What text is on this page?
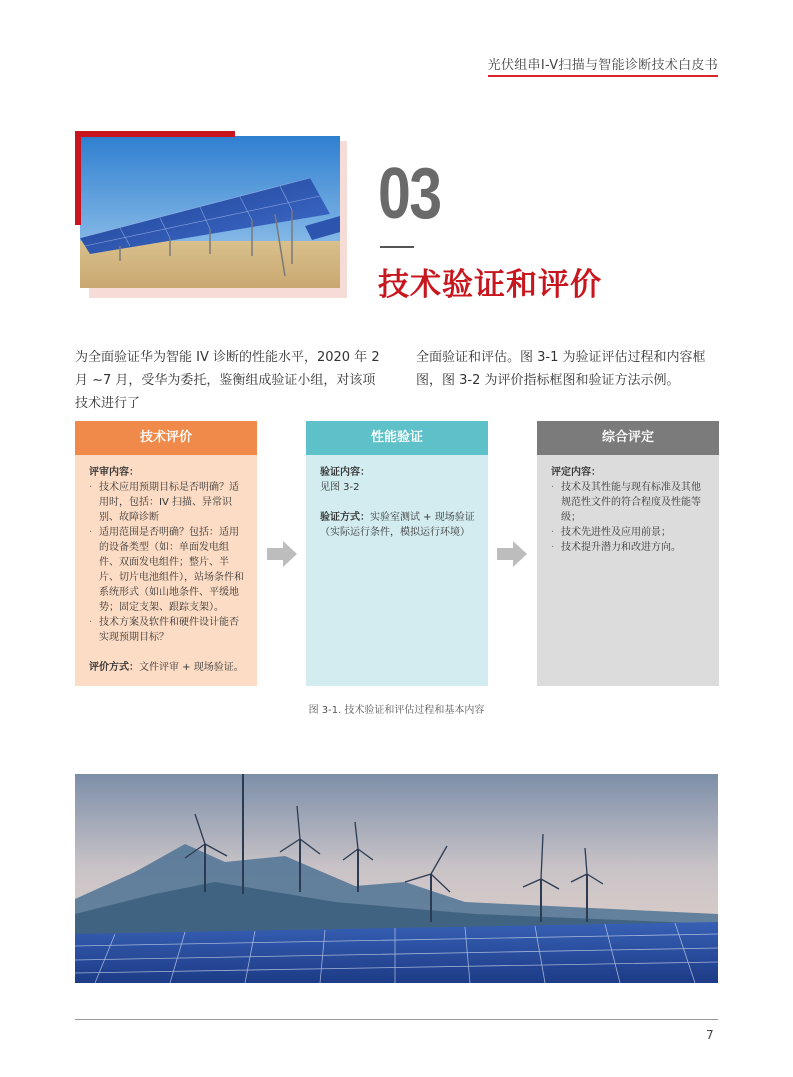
光伏组串I-V扫描与智能诊断技术白皮书
03
技术验证和评价
为全面验证华为智能 IV 诊断的性能水平，2020 年 2 月 ~7 月，受华为委托，鉴衡组成验证小组，对该项技术进行了
全面验证和评估。图 3-1 为验证评估过程和内容框图，图 3-2 为评价指标框图和验证方法示例。
技术评价
评审内容：
· 技术应用预期目标是否明确？适用时，包括：IV 扫描、异常识别、故障诊断
· 适用范围是否明确？包括：适用的设备类型（如：单面发电组件、双面发电组件；整片、半片、切片电池组件），站场条件和系统形式（如山地条件、平缓地势；固定支架、跟踪支架）。
· 技术方案及软件和硬件设计能否实现预期目标？
评价方式：文件评审 + 现场验证。
性能验证
验证内容：
见图 3-2
验证方式：实验室测试 + 现场验证（实际运行条件，模拟运行环境）
综合评定
评定内容：
· 技术及其性能与现有标准及其他规范性文件的符合程度及性能等级；
· 技术先进性及应用前景；
· 技术提升潜力和改进方向。
图 3-1. 技术验证和评估过程和基本内容
7
